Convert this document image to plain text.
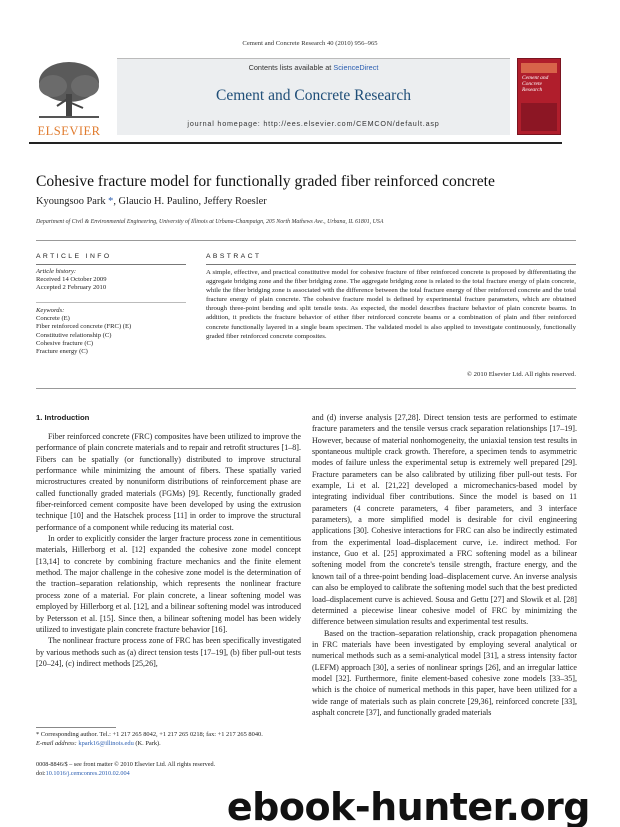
Cement and Concrete Research 40 (2010) 956–965
ELSEVIER
Contents lists available at ScienceDirect
Cement and Concrete Research
journal homepage: http://ees.elsevier.com/CEMCON/default.asp
Cement and Concrete Research
Cohesive fracture model for functionally graded fiber reinforced concrete
Kyoungsoo Park *, Glaucio H. Paulino, Jeffery Roesler
Department of Civil & Environmental Engineering, University of Illinois at Urbana-Champaign, 205 North Mathews Ave., Urbana, IL 61801, USA
ARTICLE INFO	ABSTRACT
Article history:
Received 14 October 2009
Accepted 2 February 2010
Keywords:
Concrete (E)
Fiber reinforced concrete (FRC) (E)
Constitutive relationship (C)
Cohesive fracture (C)
Fracture energy (C)
A simple, effective, and practical constitutive model for cohesive fracture of fiber reinforced concrete is proposed by differentiating the aggregate bridging zone and the fiber bridging zone. The aggregate bridging zone is related to the total fracture energy of plain concrete, while the fiber bridging zone is associated with the difference between the total fracture energy of fiber reinforced concrete and the total fracture energy of plain concrete. The cohesive fracture model is defined by experimental fracture parameters, which are obtained through three-point bending and split tensile tests. As expected, the model describes fracture behavior of plain concrete beams. In addition, it predicts the fracture behavior of either fiber reinforced concrete beams or a combination of plain and fiber reinforced concrete functionally layered in a single beam specimen. The validated model is also applied to investigate continuously, functionally graded fiber reinforced concrete composites.
© 2010 Elsevier Ltd. All rights reserved.
1. Introduction

Fiber reinforced concrete (FRC) composites have been utilized to improve the performance of plain concrete materials and to repair and retrofit structures [1–8]. Fibers can be spatially (or functionally) distributed to improve structural performance while minimizing the amount of fibers. These spatially varied microstructures created by nonuniform distributions of reinforcement phase are called functionally graded materials (FGMs) [9]. Recently, functionally graded fiber-reinforced cement composite have been developed by using the extrusion technique [10] and the Hatschek process [11] in order to improve the structural performance of a component while reducing its material cost.

In order to explicitly consider the larger fracture process zone in cementitious materials, Hillerborg et al. [12] expanded the cohesive zone model concept [13,14] to concrete by combining fracture mechanics and the finite element method. The major challenge in the cohesive zone model is the determination of the traction–separation relationship, which represents the nonlinear fracture process zone of a material. For plain concrete, a linear softening model was employed by Hillerborg et al. [12], and a bilinear softening model was introduced by Petersson et al. [15]. Since then, a bilinear softening model has been widely utilized to investigate plain concrete fracture behavior [16].

The nonlinear fracture process zone of FRC has been specifically investigated by various methods such as (a) direct tension tests [17–19], (b) fiber pull-out tests [20–24], (c) indirect methods [25,26],

and (d) inverse analysis [27,28]. Direct tension tests are performed to estimate fracture parameters and the tensile versus crack separation relationships [17–19]. However, because of material nonhomogeneity, the uniaxial tension test results in spontaneous multiple crack growth. Therefore, a specimen tends to asymmetric modes of failure unless the experimental setup is extremely well prepared [29]. Fracture parameters can be also calibrated by utilizing fiber pull-out tests. For example, Li et al. [21,22] developed a micromechanics-based model by integrating individual fiber contributions. Since the model is based on 11 parameters (4 concrete parameters, 4 fiber parameters, and 3 interface parameters), a more simplified model is desirable for civil engineering applications [30]. Cohesive interactions for FRC can also be indirectly estimated from the experimental load–displacement curve, i.e. indirect method. For instance, Guo et al. [25] approximated a FRC softening model as a bilinear softening model from the concrete's tensile strength, fracture energy, and the known tail of a three-point bending load–displacement curve. An inverse analysis can also be employed to calibrate the softening model such that the best predicted load–displacement curve is achieved. Sousa and Gettu [27] and Slowik et al. [28] determined a piecewise linear cohesive model of FRC by minimizing the difference between simulation results and experimental test results.

Based on the traction–separation relationship, crack propagation phenomena in FRC materials have been investigated by employing several analytical or numerical methods such as a semi-analytical model [31], a stress intensity factor (LEFM) approach [30], a series of nonlinear springs [26], and an irregular lattice model [32]. Furthermore, finite element-based cohesive zone models [33–35], which is the choice of numerical methods in this paper, have been utilized for a wide range of materials such as plain concrete [29,36], reinforced concrete [33], asphalt concrete [37], and functionally graded materials

* Corresponding author. Tel.: +1 217 265 8042, +1 217 265 0218; fax: +1 217 265 8040.
E-mail address: kpark16@illinois.edu (K. Park).
0008-8846/$ – see front matter © 2010 Elsevier Ltd. All rights reserved.
doi:10.1016/j.cemconres.2010.02.004
ebook-hunter.org
